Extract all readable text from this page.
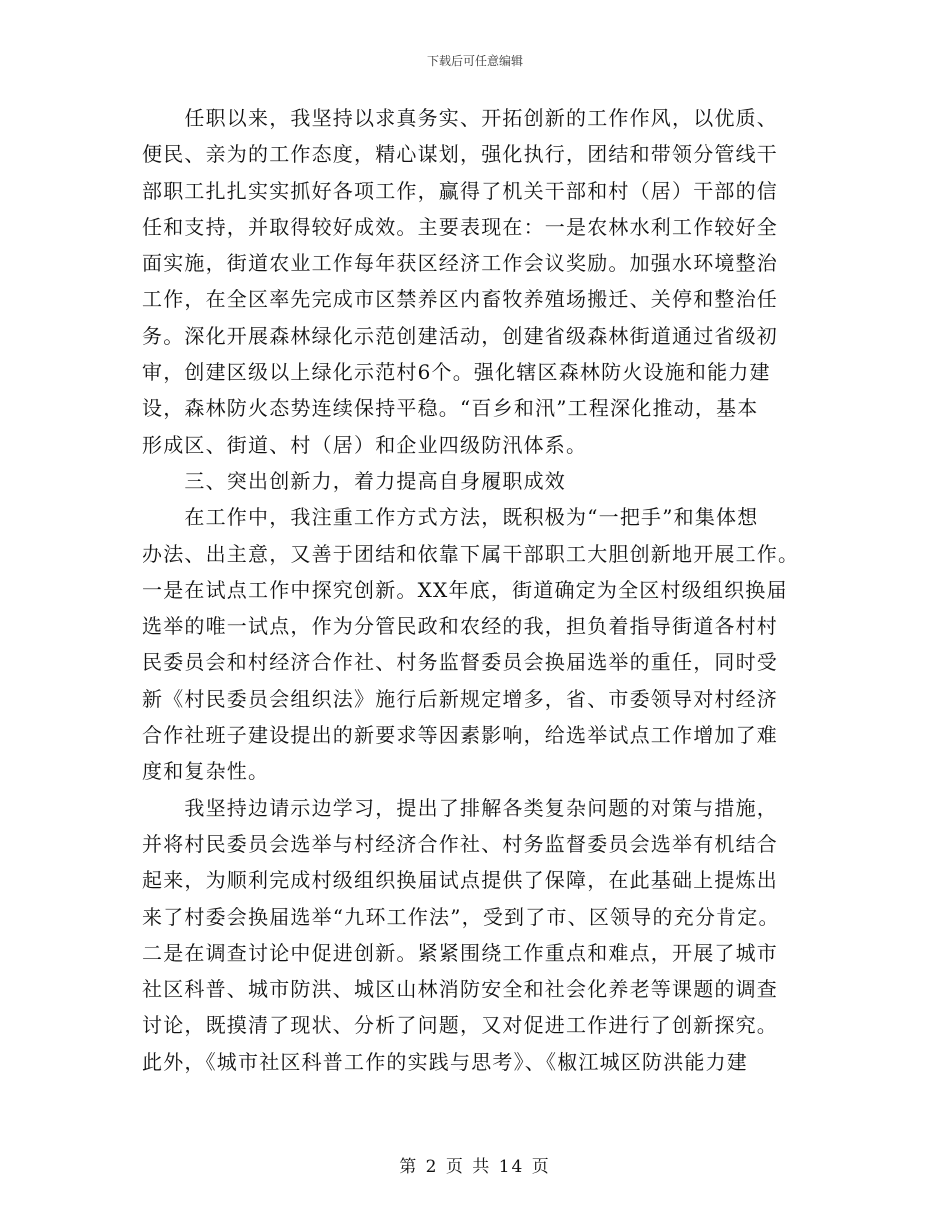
下载后可任意编辑
　　任职以来，我坚持以求真务实、开拓创新的工作作风，以优质、
便民、亲为的工作态度，精心谋划，强化执行，团结和带领分管线干
部职工扎扎实实抓好各项工作，赢得了机关干部和村（居）干部的信
任和支持，并取得较好成效。主要表现在：一是农林水利工作较好全
面实施，街道农业工作每年获区经济工作会议奖励。加强水环境整治
工作，在全区率先完成市区禁养区内畜牧养殖场搬迁、关停和整治任
务。深化开展森林绿化示范创建活动，创建省级森林街道通过省级初
审，创建区级以上绿化示范村6个。强化辖区森林防火设施和能力建
设，森林防火态势连续保持平稳。“百乡和汛”工程深化推动，基本
形成区、街道、村（居）和企业四级防汛体系。
　　三、突出创新力，着力提高自身履职成效
　　在工作中，我注重工作方式方法，既积极为“一把手”和集体想
办法、出主意，又善于团结和依靠下属干部职工大胆创新地开展工作。
一是在试点工作中探究创新。XX年底，街道确定为全区村级组织换届
选举的唯一试点，作为分管民政和农经的我，担负着指导街道各村村
民委员会和村经济合作社、村务监督委员会换届选举的重任，同时受
新《村民委员会组织法》施行后新规定增多，省、市委领导对村经济
合作社班子建设提出的新要求等因素影响，给选举试点工作增加了难
度和复杂性。
　　我坚持边请示边学习，提出了排解各类复杂问题的对策与措施，
并将村民委员会选举与村经济合作社、村务监督委员会选举有机结合
起来，为顺利完成村级组织换届试点提供了保障，在此基础上提炼出
来了村委会换届选举“九环工作法”，受到了市、区领导的充分肯定。
二是在调查讨论中促进创新。紧紧围绕工作重点和难点，开展了城市
社区科普、城市防洪、城区山林消防安全和社会化养老等课题的调查
讨论，既摸清了现状、分析了问题，又对促进工作进行了创新探究。
此外，《城市社区科普工作的实践与思考》、《椒江城区防洪能力建
第 2 页 共 14 页
